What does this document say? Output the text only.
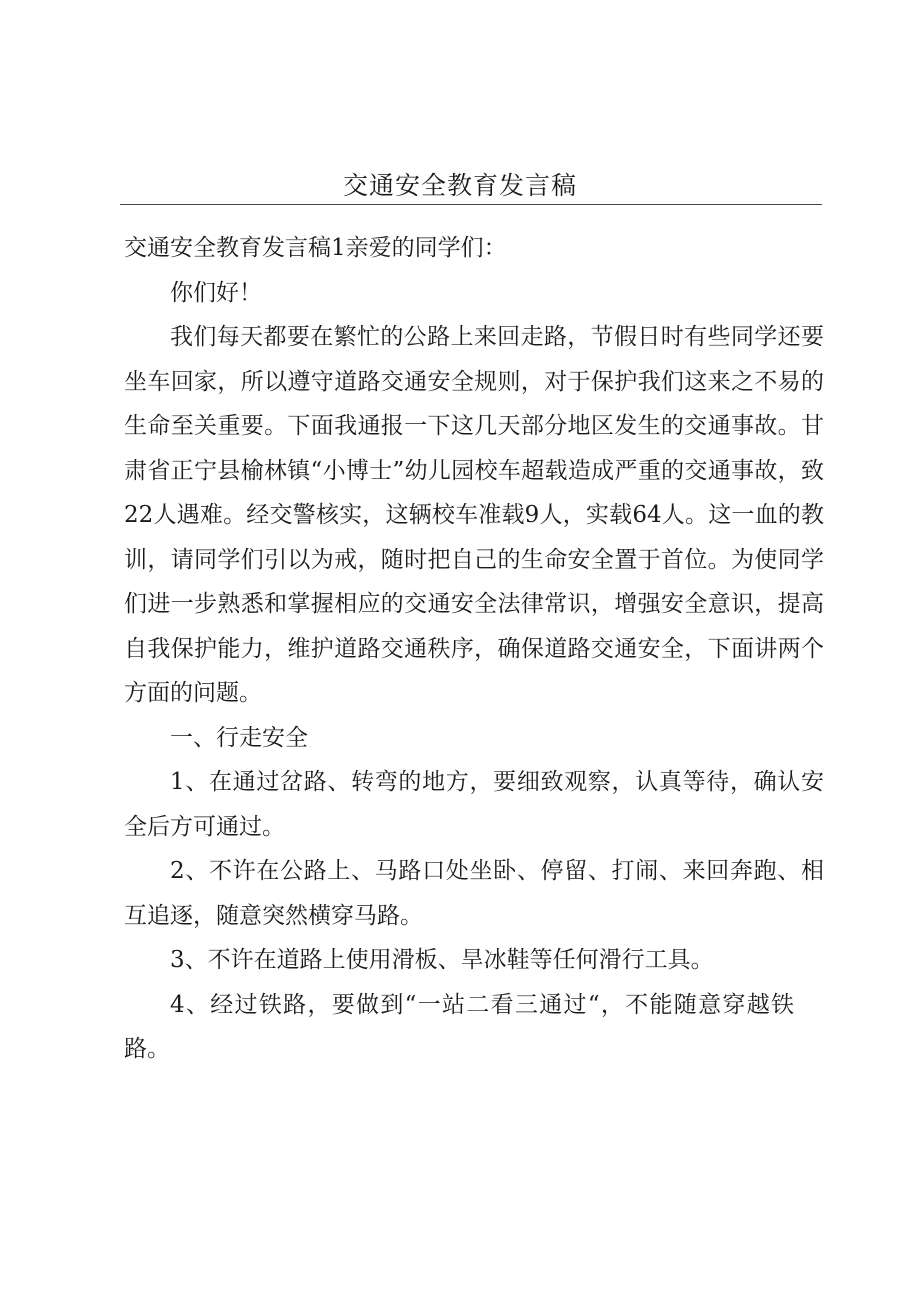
交通安全教育发言稿

交通安全教育发言稿1亲爱的同学们：

你们好！

我们每天都要在繁忙的公路上来回走路，节假日时有些同学还要坐车回家，所以遵守道路交通安全规则，对于保护我们这来之不易的生命至关重要。下面我通报一下这几天部分地区发生的交通事故。甘肃省正宁县榆林镇“小博士”幼儿园校车超载造成严重的交通事故，致22人遇难。经交警核实，这辆校车准载9人，实载64人。这一血的教训，请同学们引以为戒，随时把自己的生命安全置于首位。为使同学们进一步熟悉和掌握相应的交通安全法律常识，增强安全意识，提高自我保护能力，维护道路交通秩序，确保道路交通安全，下面讲两个方面的问题。

一、行走安全

1、在通过岔路、转弯的地方，要细致观察，认真等待，确认安全后方可通过。

2、不许在公路上、马路口处坐卧、停留、打闹、来回奔跑、相互追逐，随意突然横穿马路。

3、不许在道路上使用滑板、旱冰鞋等任何滑行工具。

4、经过铁路，要做到“一站二看三通过“，不能随意穿越铁路。
